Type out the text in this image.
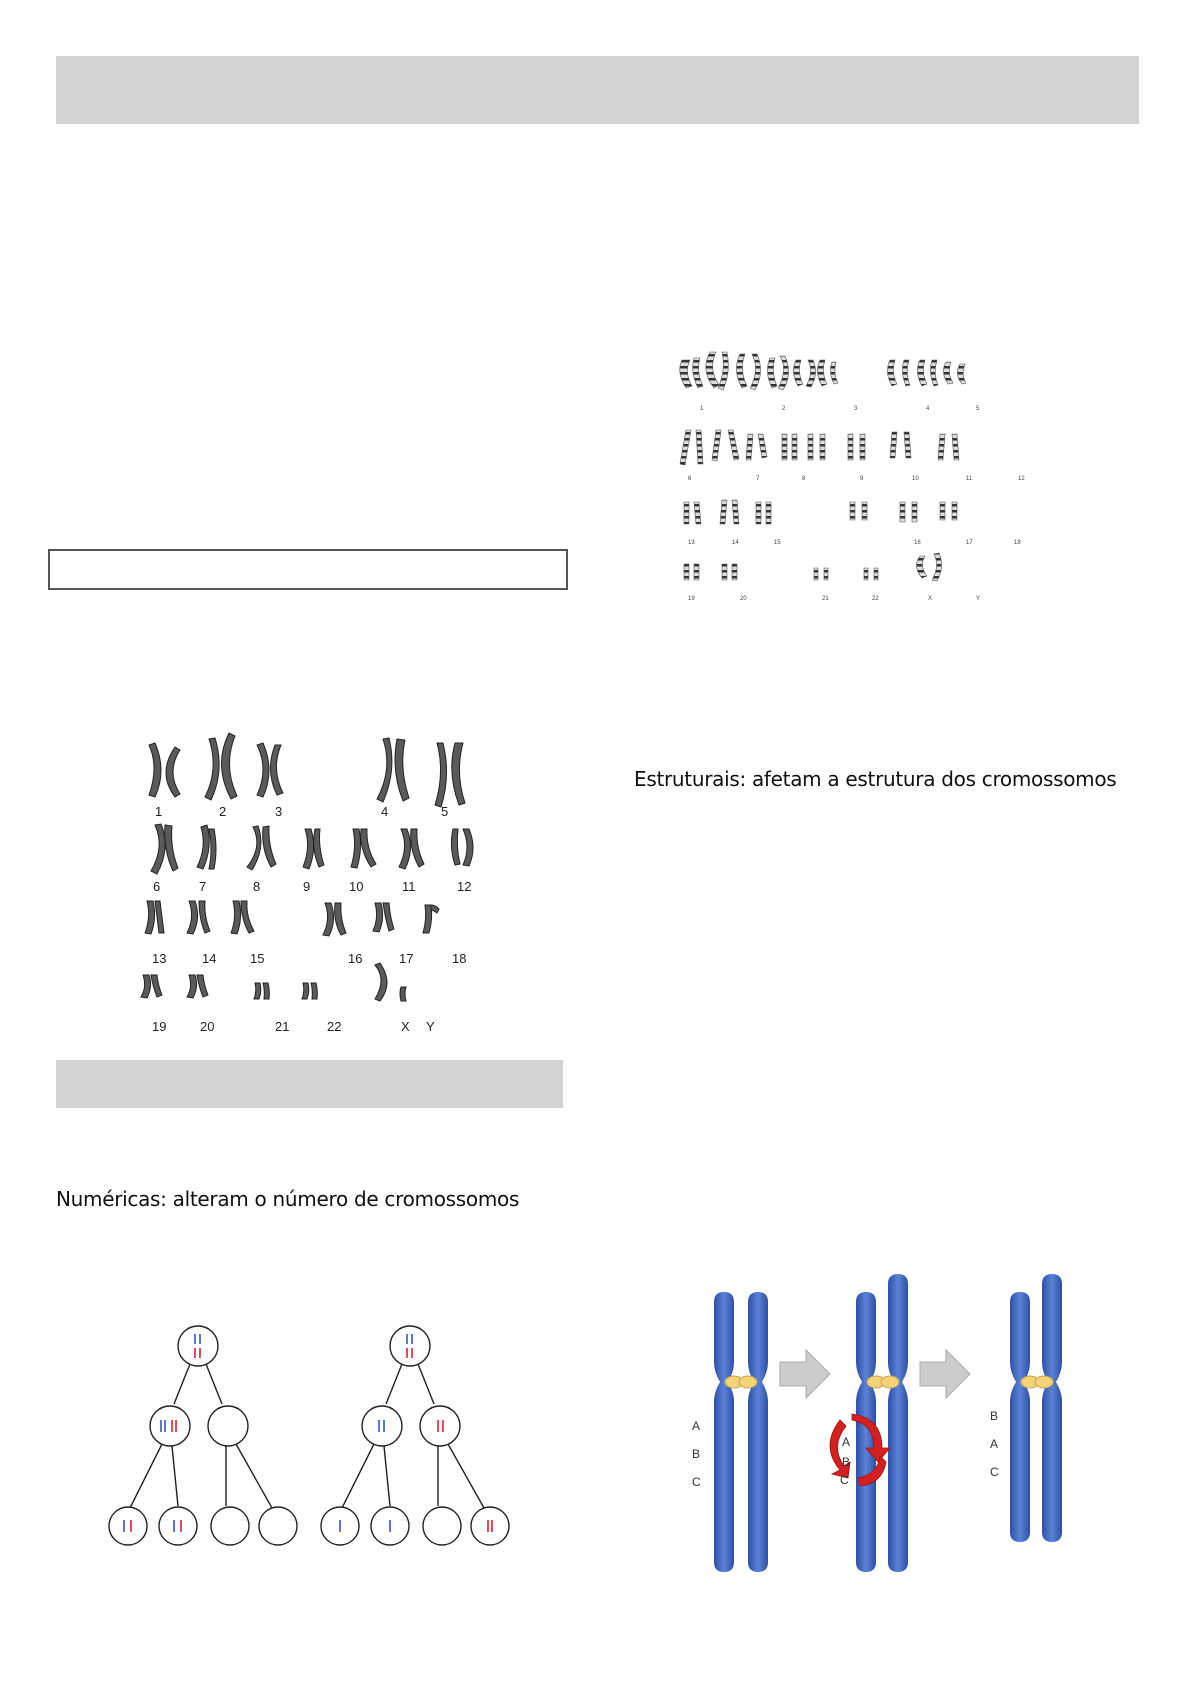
Numéricas: alteram o número de cromossomos
Estruturais: afetam a estrutura dos cromossomos
1	2	3	4	5
6	7	8	9	10	11	12
13	14	15	16	17	18
19	20	21	22	X	Y
1	2	3	4	5
6	7	8	9	10	11	12
13	14	15	16	17	18
19	20	21	22	X Y
A
B
C
A
B
C
B
A
C
